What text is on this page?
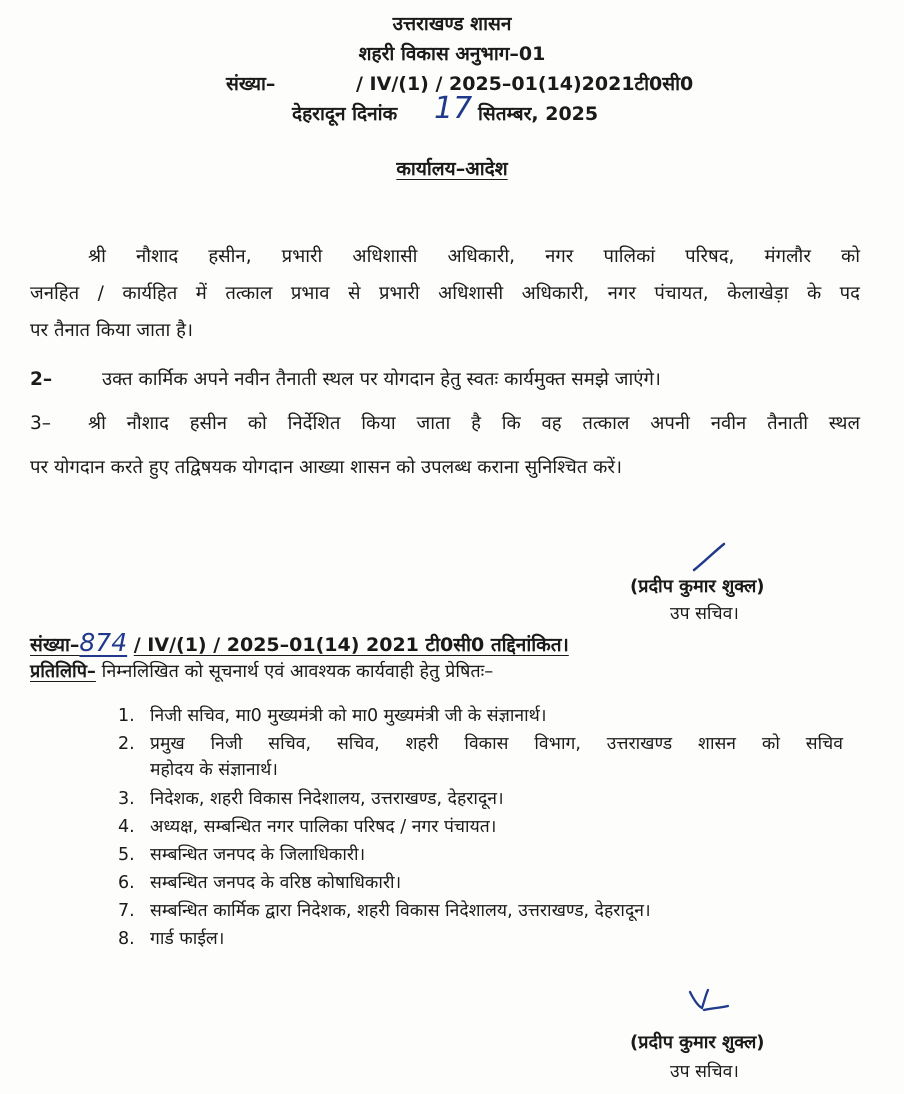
उत्तराखण्ड शासन
शहरी विकास अनुभाग–01
संख्या–	/ IV/(1) / 2025–01(14)2021टी0सी0
देहरादून दिनांक 17 सितम्बर, 2025
कार्यालय–आदेश
श्री नौशाद हसीन, प्रभारी अधिशासी अधिकारी, नगर पालिकां परिषद, मंगलौर को
जनहित / कार्यहित में तत्काल प्रभाव से प्रभारी अधिशासी अधिकारी, नगर पंचायत, केलाखेड़ा के पद
पर तैनात किया जाता है।
2–	उक्त कार्मिक अपने नवीन तैनाती स्थल पर योगदान हेतु स्वतः कार्यमुक्त समझे जाएंगे।
3– श्री नौशाद हसीन को निर्देशित किया जाता है कि वह तत्काल अपनी नवीन तैनाती स्थल
पर योगदान करते हुए तद्विषयक योगदान आख्या शासन को उपलब्ध कराना सुनिश्चित करें।
(प्रदीप कुमार शुक्ल)
उप सचिव।
संख्या–874 / IV/(1) / 2025–01(14) 2021 टी0सी0 तद्दिनांकित।
प्रतिलिपि– निम्नलिखित को सूचनार्थ एवं आवश्यक कार्यवाही हेतु प्रेषितः–
1. निजी सचिव, मा0 मुख्यमंत्री को मा0 मुख्यमंत्री जी के संज्ञानार्थ।
2. प्रमुख निजी सचिव, सचिव, शहरी विकास विभाग, उत्तराखण्ड शासन को सचिव
महोदय के संज्ञानार्थ।
3. निदेशक, शहरी विकास निदेशालय, उत्तराखण्ड, देहरादून।
4. अध्यक्ष, सम्बन्धित नगर पालिका परिषद / नगर पंचायत।
5. सम्बन्धित जनपद के जिलाधिकारी।
6. सम्बन्धित जनपद के वरिष्ठ कोषाधिकारी।
7. सम्बन्धित कार्मिक द्वारा निदेशक, शहरी विकास निदेशालय, उत्तराखण्ड, देहरादून।
8. गार्ड फाईल।
(प्रदीप कुमार शुक्ल)
उप सचिव।
